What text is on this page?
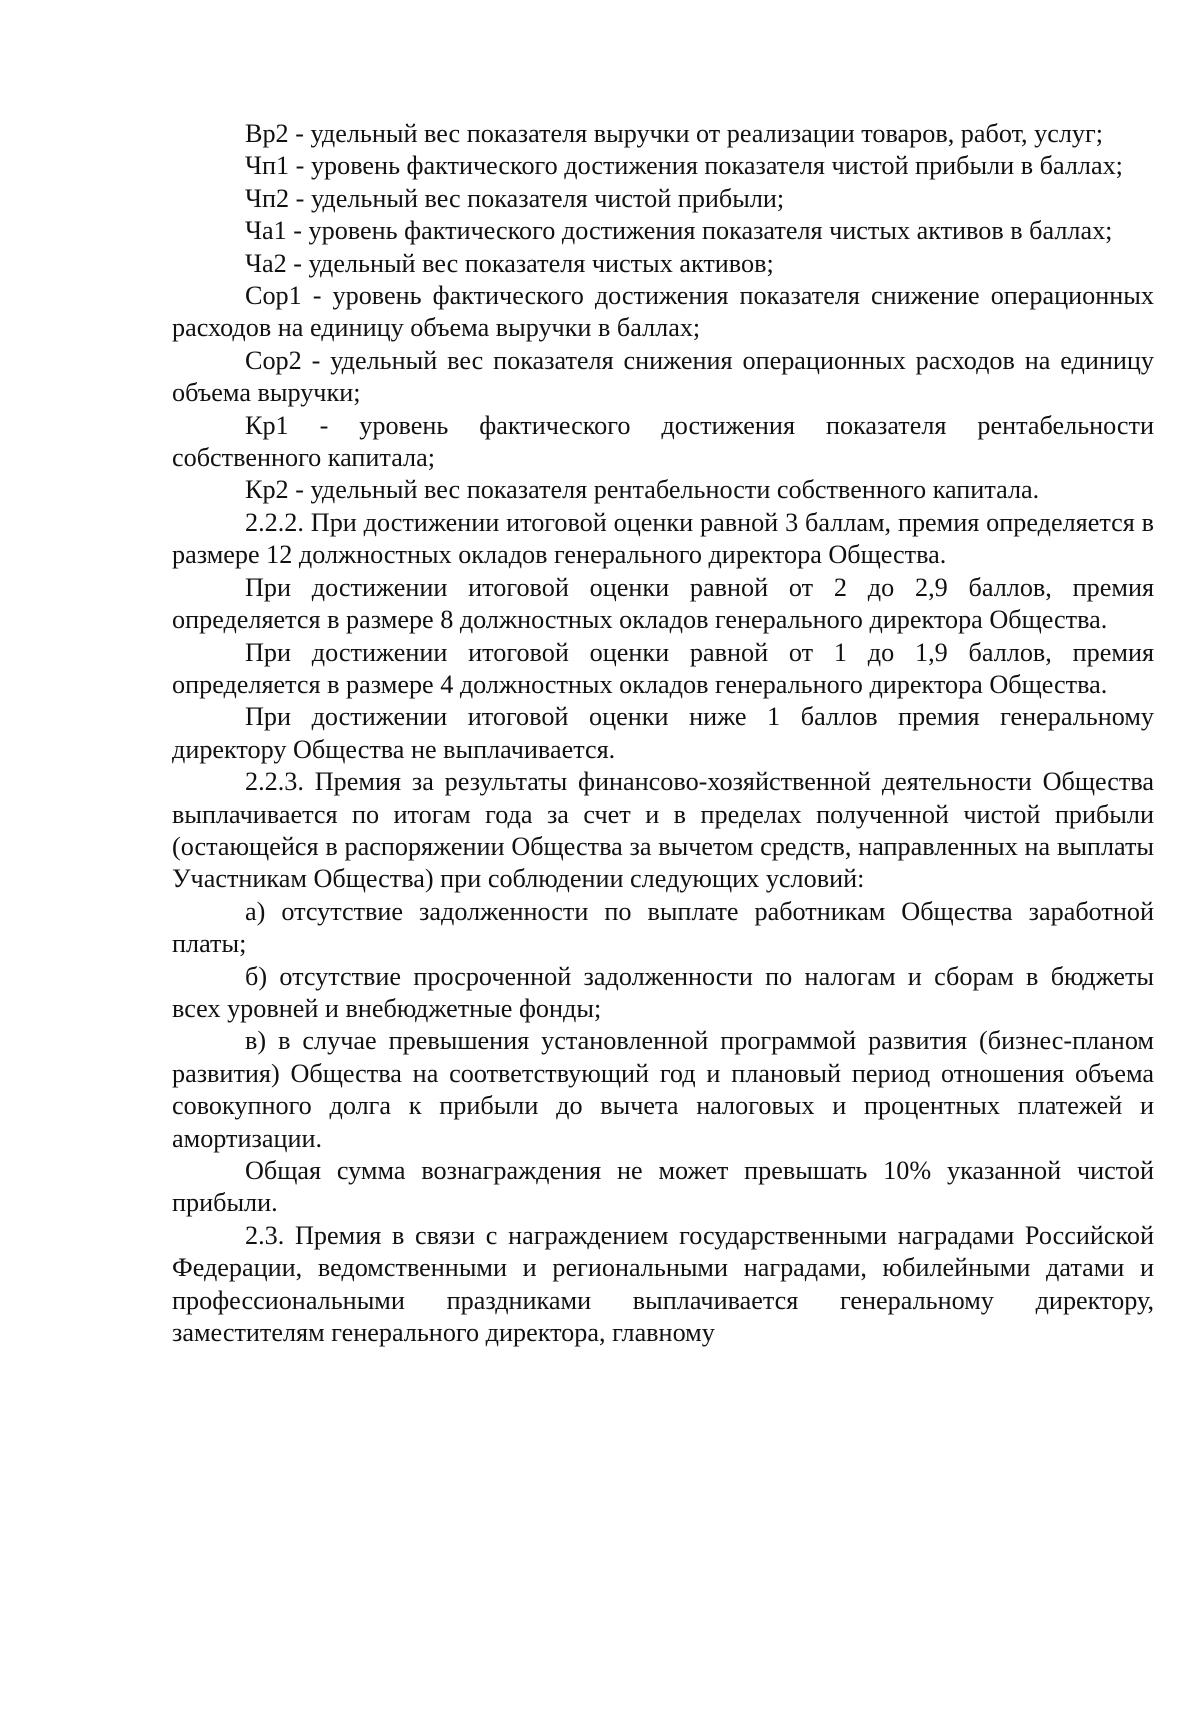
Вр2 - удельный вес показателя выручки от реализации товаров, работ, услуг;

Чп1 - уровень фактического достижения показателя чистой прибыли в баллах;

Чп2 - удельный вес показателя чистой прибыли;

Ча1 - уровень фактического достижения показателя чистых активов в баллах;

Ча2 - удельный вес показателя чистых активов;

Сор1 - уровень фактического достижения показателя снижение операционных расходов на единицу объема выручки в баллах;

Сор2 - удельный вес показателя снижения операционных расходов на единицу объема выручки;

Кр1 - уровень фактического достижения показателя рентабельности собственного капитала;

Кр2 - удельный вес показателя рентабельности собственного капитала.

2.2.2. При достижении итоговой оценки равной 3 баллам, премия определяется в размере 12 должностных окладов генерального директора Общества.

При достижении итоговой оценки равной от 2 до 2,9 баллов, премия определяется в размере 8 должностных окладов генерального директора Общества.

При достижении итоговой оценки равной от 1 до 1,9 баллов, премия определяется в размере 4 должностных окладов генерального директора Общества.

При достижении итоговой оценки ниже 1 баллов премия генеральному директору Общества не выплачивается.

2.2.3. Премия за результаты финансово-хозяйственной деятельности Общества выплачивается по итогам года за счет и в пределах полученной чистой прибыли (остающейся в распоряжении Общества за вычетом средств, направленных на выплаты Участникам Общества) при соблюдении следующих условий:

а) отсутствие задолженности по выплате работникам Общества заработной платы;

б) отсутствие просроченной задолженности по налогам и сборам в бюджеты всех уровней и внебюджетные фонды;

в) в случае превышения установленной программой развития (бизнес-планом развития) Общества на соответствующий год и плановый период отношения объема совокупного долга к прибыли до вычета налоговых и процентных платежей и амортизации.

Общая сумма вознаграждения не может превышать 10% указанной чистой прибыли.

2.3. Премия в связи с награждением государственными наградами Российской Федерации, ведомственными и региональными наградами, юбилейными датами и профессиональными праздниками выплачивается генеральному директору, заместителям генерального директора, главному
